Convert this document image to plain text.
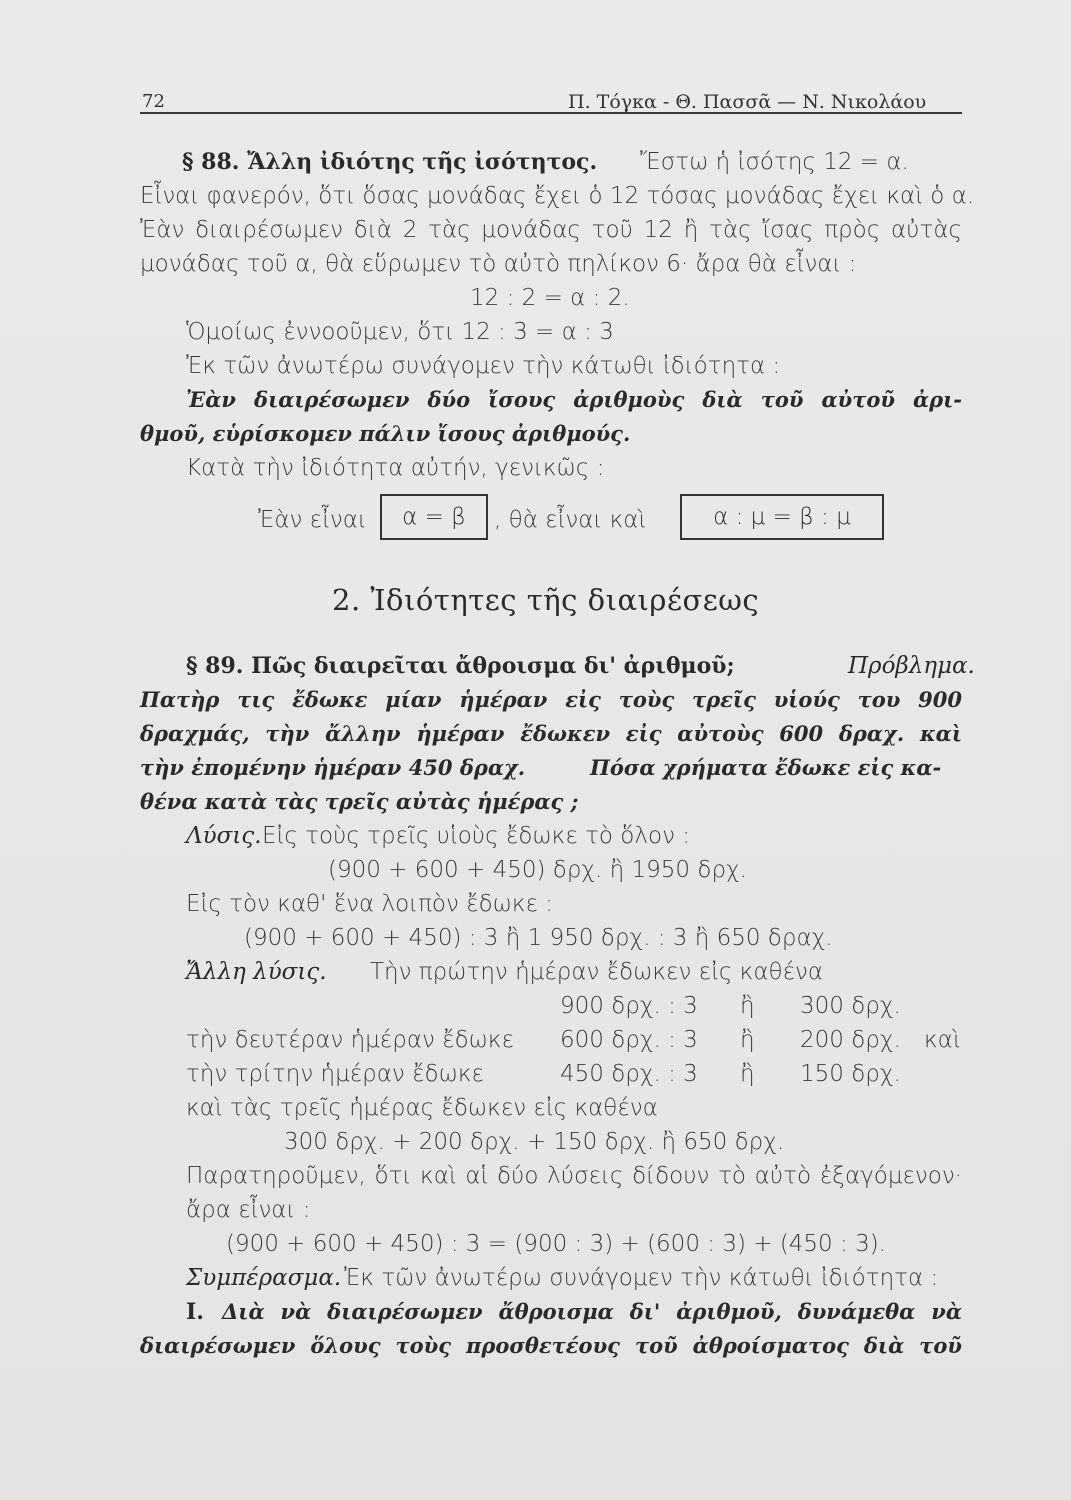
72	Π. Τόγκα - Θ. Πασσᾶ — Ν. Νικολάου
§ 88. Ἄλλη ἰδιότης τῆς ἰσότητος. Ἔστω ἡ ἰσότης 12 = α.
Εἶναι φανερόν, ὅτι ὅσας μονάδας ἔχει ὁ 12 τόσας μονάδας ἔχει καὶ ὁ α.
Ἐὰν διαιρέσωμεν διὰ 2 τὰς μονάδας τοῦ 12 ἢ τὰς ἴσας πρὸς αὐτὰς
μονάδας τοῦ α, θὰ εὕρωμεν τὸ αὐτὸ πηλίκον 6· ἄρα θὰ εἶναι :
12 : 2 = α : 2.
Ὁμοίως ἐννοοῦμεν, ὅτι 12 : 3 = α : 3
Ἐκ τῶν ἀνωτέρω συνάγομεν τὴν κάτωθι ἰδιότητα :
Ἐὰν διαιρέσωμεν δύο ἴσους ἀριθμοὺς διὰ τοῦ αὐτοῦ ἀρι-
θμοῦ, εὑρίσκομεν πάλιν ἴσους ἀριθμούς.
Κατὰ τὴν ἰδιότητα αὐτήν, γενικῶς :
Ἐὰν εἶναι	α = β	, θὰ εἶναι καὶ	α : μ = β : μ
2. Ἰδιότητες τῆς διαιρέσεως
§ 89. Πῶς διαιρεῖται ἄθροισμα δι' ἀριθμοῦ;	Πρόβλημα.
Πατὴρ τις ἔδωκε μίαν ἡμέραν εἰς τοὺς τρεῖς υἱούς του 900
δραχμάς, τὴν ἄλλην ἡμέραν ἔδωκεν εἰς αὐτοὺς 600 δραχ. καὶ
τὴν ἐπομένην ἡμέραν 450 δραχ.	Πόσα χρήματα ἔδωκε εἰς κα-
θένα κατὰ τὰς τρεῖς αὐτὰς ἡμέρας ;
Λύσις. Εἰς τοὺς τρεῖς υἱοὺς ἔδωκε τὸ ὅλον :
(900 + 600 + 450) δρχ. ἢ 1950 δρχ.
Εἰς τὸν καθ' ἕνα λοιπὸν ἔδωκε :
(900 + 600 + 450) : 3 ἢ 1 950 δρχ. : 3 ἢ 650 δραχ.
Ἄλλη λύσις. Τὴν πρώτην ἡμέραν ἔδωκεν εἰς καθένα
900 δρχ. : 3 ἢ 300 δρχ.
τὴν δευτέραν ἡμέραν ἔδωκε 600 δρχ. : 3 ἢ 200 δρχ. καὶ
τὴν τρίτην ἡμέραν ἔδωκε	450 δρχ. : 3 ἢ 150 δρχ.
καὶ τὰς τρεῖς ἡμέρας ἔδωκεν εἰς καθένα
300 δρχ. + 200 δρχ. + 150 δρχ. ἢ 650 δρχ.
Παρατηροῦμεν, ὅτι καὶ αἱ δύο λύσεις δίδουν τὸ αὐτὸ ἐξαγόμενον·
ἄρα εἶναι :
(900 + 600 + 450) : 3 = (900 : 3) + (600 : 3) + (450 : 3).
Συμπέρασμα. Ἐκ τῶν ἀνωτέρω συνάγομεν τὴν κάτωθι ἰδιότητα :
I. Διὰ νὰ διαιρέσωμεν ἄθροισμα δι' ἀριθμοῦ, δυνάμεθα νὰ
διαιρέσωμεν ὅλους τοὺς προσθετέους τοῦ ἀθροίσματος διὰ τοῦ
